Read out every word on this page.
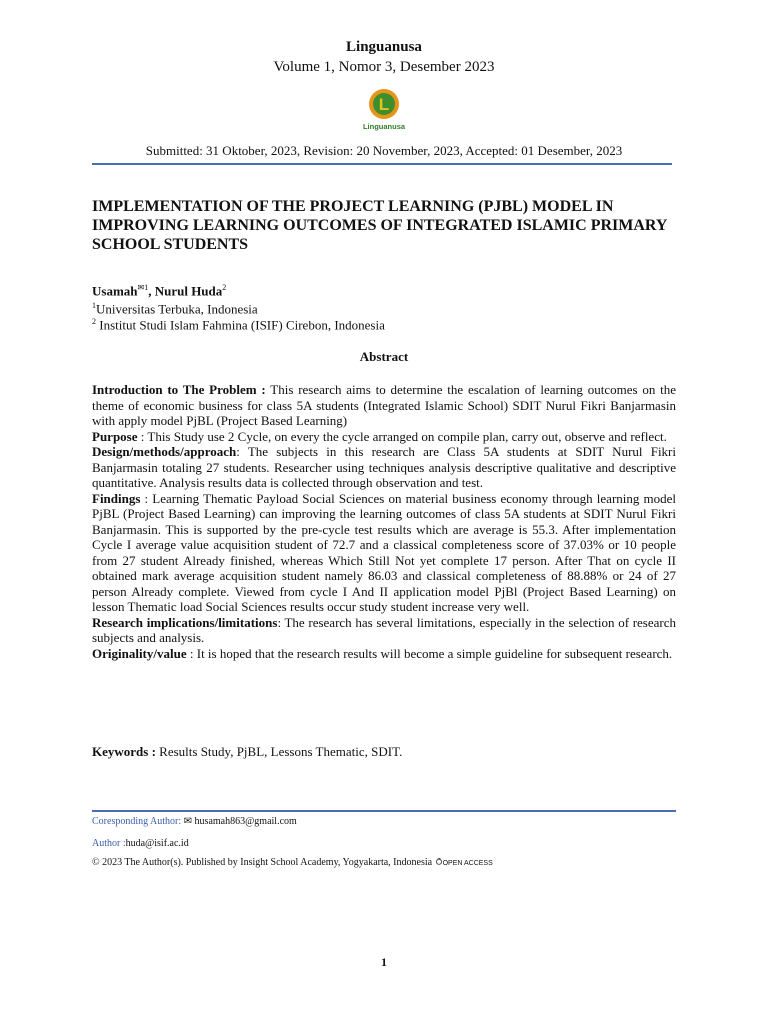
Linguanusa
Volume 1, Nomor 3, Desember 2023
L
Linguanusa
Submitted: 31 Oktober, 2023, Revision: 20 November, 2023, Accepted: 01 Desember, 2023
IMPLEMENTATION OF THE PROJECT LEARNING (PJBL) MODEL IN IMPROVING LEARNING OUTCOMES OF INTEGRATED ISLAMIC PRIMARY SCHOOL STUDENTS
Usamah$^{✉1}$, Nurul Huda$^2$
$^1$Universitas Terbuka, Indonesia
$^2$ Institut Studi Islam Fahmina (ISIF) Cirebon, Indonesia
Abstract

Introduction to The Problem : This research aims to determine the escalation of learning outcomes on the theme of economic business for class 5A students (Integrated Islamic School) SDIT Nurul Fikri Banjarmasin with apply model PjBL (Project Based Learning)

Purpose : This Study use 2 Cycle, on every the cycle arranged on compile plan, carry out, observe and reflect.

Design/methods/approach: The subjects in this research are Class 5A students at SDIT Nurul Fikri Banjarmasin totaling 27 students. Researcher using techniques analysis descriptive qualitative and descriptive quantitative. Analysis results data is collected through observation and test.

Findings : Learning Thematic Payload Social Sciences on material business economy through learning model PjBL (Project Based Learning) can improving the learning outcomes of class 5A students at SDIT Nurul Fikri Banjarmasin. This is supported by the pre-cycle test results which are average is 55.3. After implementation Cycle I average value acquisition student of 72.7 and a classical completeness score of 37.03% or 10 people from 27 student Already finished, whereas Which Still Not yet complete 17 person. After That on cycle II obtained mark average acquisition student namely 86.03 and classical completeness of 88.88% or 24 of 27 person Already complete. Viewed from cycle I And II application model PjBl (Project Based Learning) on lesson Thematic load Social Sciences results occur study student increase very well.

Research implications/limitations: The research has several limitations, especially in the selection of research subjects and analysis.

Originality/value : It is hoped that the research results will become a simple guideline for subsequent research.

Keywords : Results Study, PjBL, Lessons Thematic, SDIT.
Coresponding Author: ✉ husamah863@gmail.com
Author :huda@isif.ac.id
© 2023 The Author(s). Published by Insight School Academy, Yogyakarta, Indonesia OPEN ACCESS
1
